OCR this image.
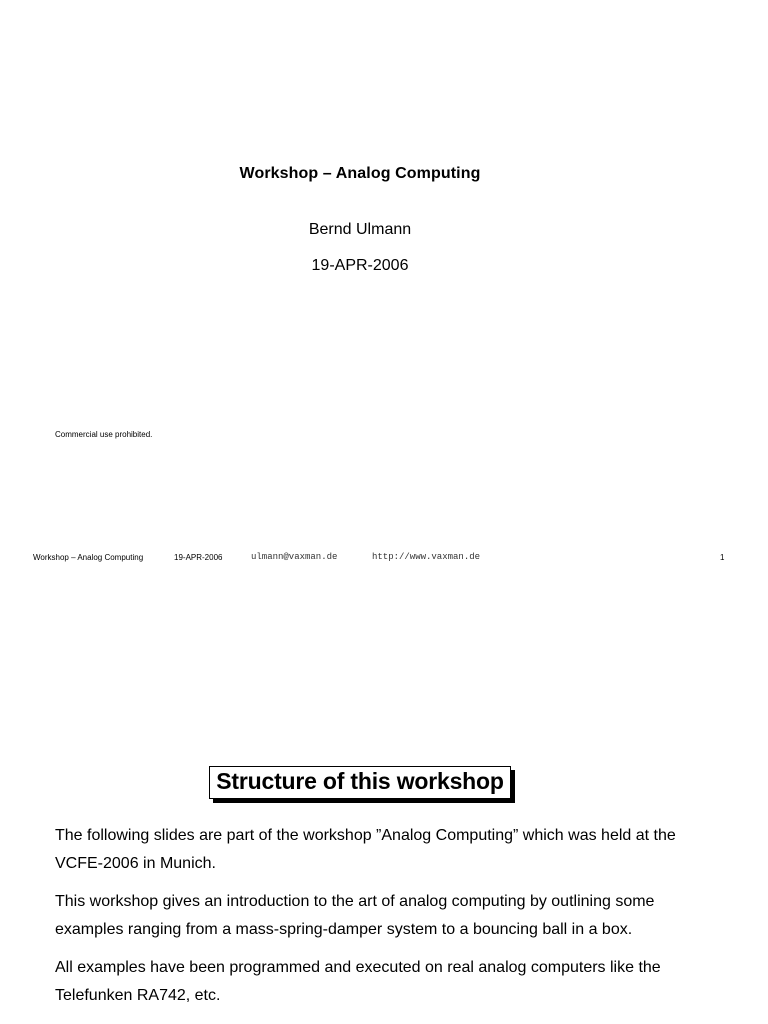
Workshop – Analog Computing
Bernd Ulmann
19-APR-2006
Commercial use prohibited.
Workshop – Analog Computing	19-APR-2006	ulmann@vaxman.de	http://www.vaxman.de	1
Structure of this workshop

The following slides are part of the workshop ”Analog Computing” which was held at the VCFE-2006 in Munich.

This workshop gives an introduction to the art of analog computing by outlining some examples ranging from a mass-spring-damper system to a bouncing ball in a box.

All examples have been programmed and executed on real analog computers like the Telefunken RA742, etc.
